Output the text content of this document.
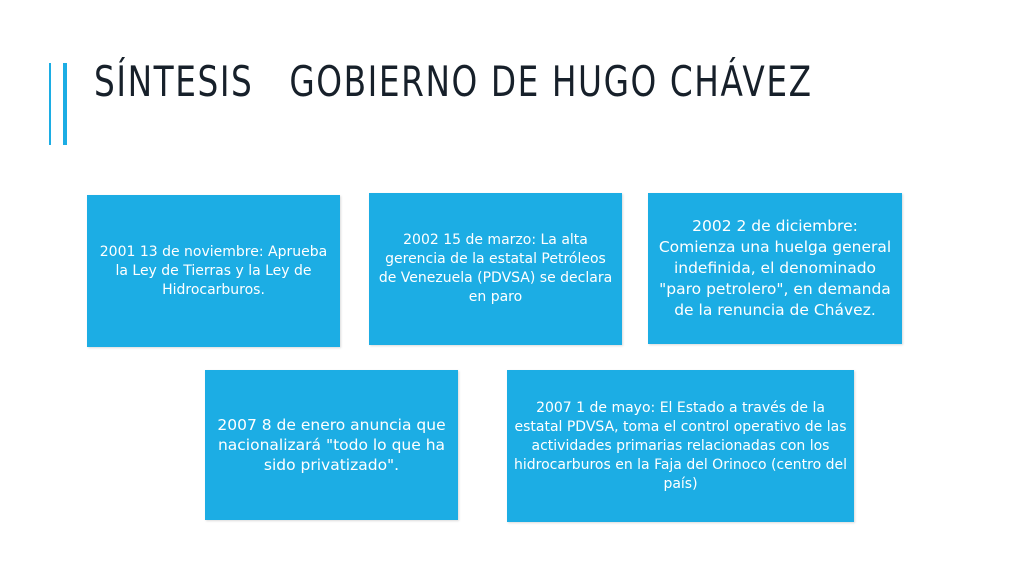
SÍNTESIS   GOBIERNO DE HUGO CHÁVEZ
2001 13 de noviembre: Aprueba la Ley de Tierras y la Ley de Hidrocarburos.
2002 15 de marzo: La alta gerencia de la estatal Petróleos de Venezuela (PDVSA) se declara en paro
2002 2 de diciembre: Comienza una huelga general indefinida, el denominado "paro petrolero", en demanda de la renuncia de Chávez.
2007 8 de enero anuncia que nacionalizará "todo lo que ha sido privatizado".
2007 1 de mayo: El Estado a través de la estatal PDVSA, toma el control operativo de las actividades primarias relacionadas con los hidrocarburos en la Faja del Orinoco (centro del país)
